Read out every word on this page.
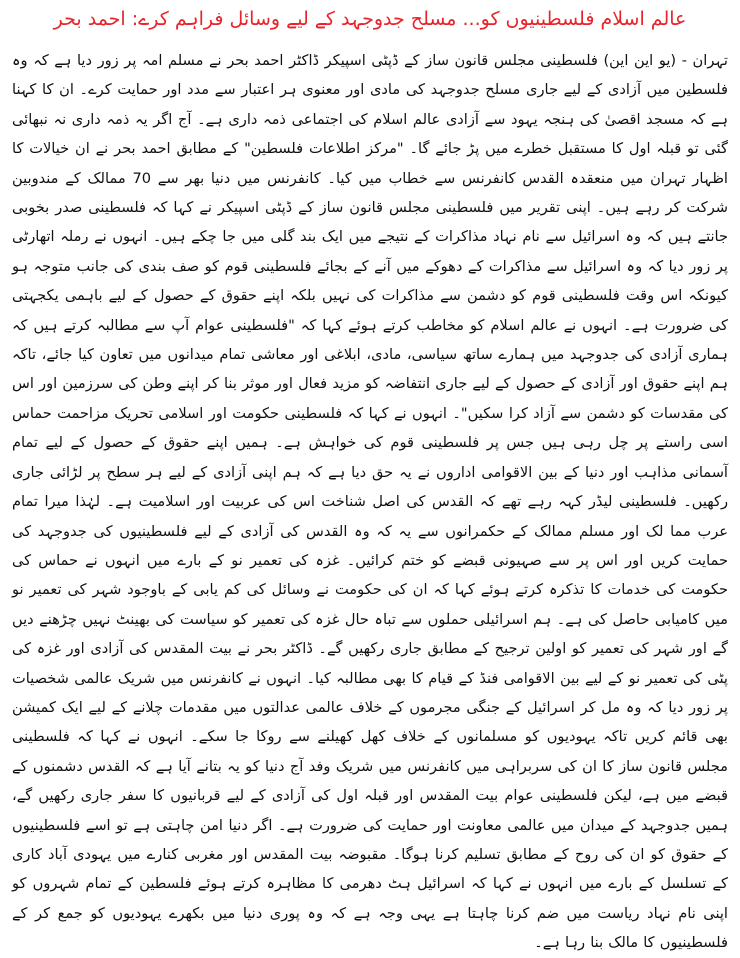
عالم اسلام فلسطینیوں کو... مسلح جدوجہد کے لیے وسائل فراہم کرے: احمد بحر

تہران - (یو این این) فلسطینی مجلس قانون ساز کے ڈپٹی اسپیکر ڈاکٹر احمد بحر نے مسلم امہ پر زور دیا ہے کہ وہ فلسطین میں آزادی کے لیے جاری مسلح جدوجہد کی مادی اور معنوی ہر اعتبار سے مدد اور حمایت کرے۔ ان کا کہنا ہے کہ مسجد اقصیٰ کی ہنجہ یہود سے آزادی عالم اسلام کی اجتماعی ذمہ داری ہے۔ آج اگر یہ ذمہ داری نہ نبھائی گئی تو قبلہ اول کا مستقبل خطرے میں پڑ جائے گا۔ "مرکز اطلاعات فلسطین" کے مطابق احمد بحر نے ان خیالات کا اظہار تہران میں منعقدہ القدس کانفرنس سے خطاب میں کیا۔ کانفرنس میں دنیا بھر سے 70 ممالک کے مندوبین شرکت کر رہے ہیں۔ اپنی تقریر میں فلسطینی مجلس قانون ساز کے ڈپٹی اسپیکر نے کہا کہ فلسطینی صدر بخوبی جانتے ہیں کہ وہ اسرائیل سے نام نہاد مذاکرات کے نتیجے میں ایک بند گلی میں جا چکے ہیں۔ انہوں نے رملہ اتھارٹی پر زور دیا کہ وہ اسرائیل سے مذاکرات کے دھوکے میں آنے کے بجائے فلسطینی قوم کو صف بندی کی جانب متوجہ ہو کیونکہ اس وقت فلسطینی قوم کو دشمن سے مذاکرات کی نہیں بلکہ اپنے حقوق کے حصول کے لیے باہمی یکجہتی کی ضرورت ہے۔ انہوں نے عالم اسلام کو مخاطب کرتے ہوئے کہا کہ "فلسطینی عوام آپ سے مطالبہ کرتے ہیں کہ ہماری آزادی کی جدوجہد میں ہمارے ساتھ سیاسی، مادی، ابلاغی اور معاشی تمام میدانوں میں تعاون کیا جائے، تاکہ ہم اپنے حقوق اور آزادی کے حصول کے لیے جاری انتفاضہ کو مزید فعال اور موثر بنا کر اپنے وطن کی سرزمین اور اس کی مقدسات کو دشمن سے آزاد کرا سکیں"۔ انہوں نے کہا کہ فلسطینی حکومت اور اسلامی تحریک مزاحمت حماس اسی راستے پر چل رہی ہیں جس پر فلسطینی قوم کی خواہش ہے۔ ہمیں اپنے حقوق کے حصول کے لیے تمام آسمانی مذاہب اور دنیا کے بین الاقوامی اداروں نے یہ حق دیا ہے کہ ہم اپنی آزادی کے لیے ہر سطح پر لڑائی جاری رکھیں۔ فلسطینی لیڈر کہہ رہے تھے کہ القدس کی اصل شناخت اس کی عربیت اور اسلامیت ہے۔ لہٰذا میرا تمام عرب مما لک اور مسلم ممالک کے حکمرانوں سے یہ کہ وہ القدس کی آزادی کے لیے فلسطینیوں کی جدوجہد کی حمایت کریں اور اس پر سے صہیونی قبضے کو ختم کرائیں۔ غزہ کی تعمیر نو کے بارے میں انہوں نے حماس کی حکومت کی خدمات کا تذکرہ کرتے ہوئے کہا کہ ان کی حکومت نے وسائل کی کم یابی کے باوجود شہر کی تعمیر نو میں کامیابی حاصل کی ہے۔ ہم اسرائیلی حملوں سے تباہ حال غزہ کی تعمیر کو سیاست کی بھینٹ نہیں چڑھنے دیں گے اور شہر کی تعمیر کو اولین ترجیح کے مطابق جاری رکھیں گے۔ ڈاکٹر بحر نے بیت المقدس کی آزادی اور غزہ کی پٹی کی تعمیر نو کے لیے بین الاقوامی فنڈ کے قیام کا بھی مطالبہ کیا۔ انہوں نے کانفرنس میں شریک عالمی شخصیات پر زور دیا کہ وہ مل کر اسرائیل کے جنگی مجرموں کے خلاف عالمی عدالتوں میں مقدمات چلانے کے لیے ایک کمیشن بھی قائم کریں تاکہ یہودیوں کو مسلمانوں کے خلاف کھل کھیلنے سے روکا جا سکے۔ انہوں نے کہا کہ فلسطینی مجلس قانون ساز کا ان کی سربراہی میں کانفرنس میں شریک وفد آج دنیا کو یہ بتانے آیا ہے کہ القدس دشمنوں کے قبضے میں ہے، لیکن فلسطینی عوام بیت المقدس اور قبلہ اول کی آزادی کے لیے قربانیوں کا سفر جاری رکھیں گے، ہمیں جدوجہد کے میدان میں عالمی معاونت اور حمایت کی ضرورت ہے۔ اگر دنیا امن چاہتی ہے تو اسے فلسطینیوں کے حقوق کو ان کی روح کے مطابق تسلیم کرنا ہوگا۔ مقبوضہ بیت المقدس اور مغربی کنارے میں یہودی آباد کاری کے تسلسل کے بارے میں انہوں نے کہا کہ اسرائیل ہٹ دھرمی کا مظاہرہ کرتے ہوئے فلسطین کے تمام شہروں کو اپنی نام نہاد ریاست میں ضم کرنا چاہتا ہے یہی وجہ ہے کہ وہ پوری دنیا میں بکھرے یہودیوں کو جمع کر کے فلسطینیوں کا مالک بنا رہا ہے۔
